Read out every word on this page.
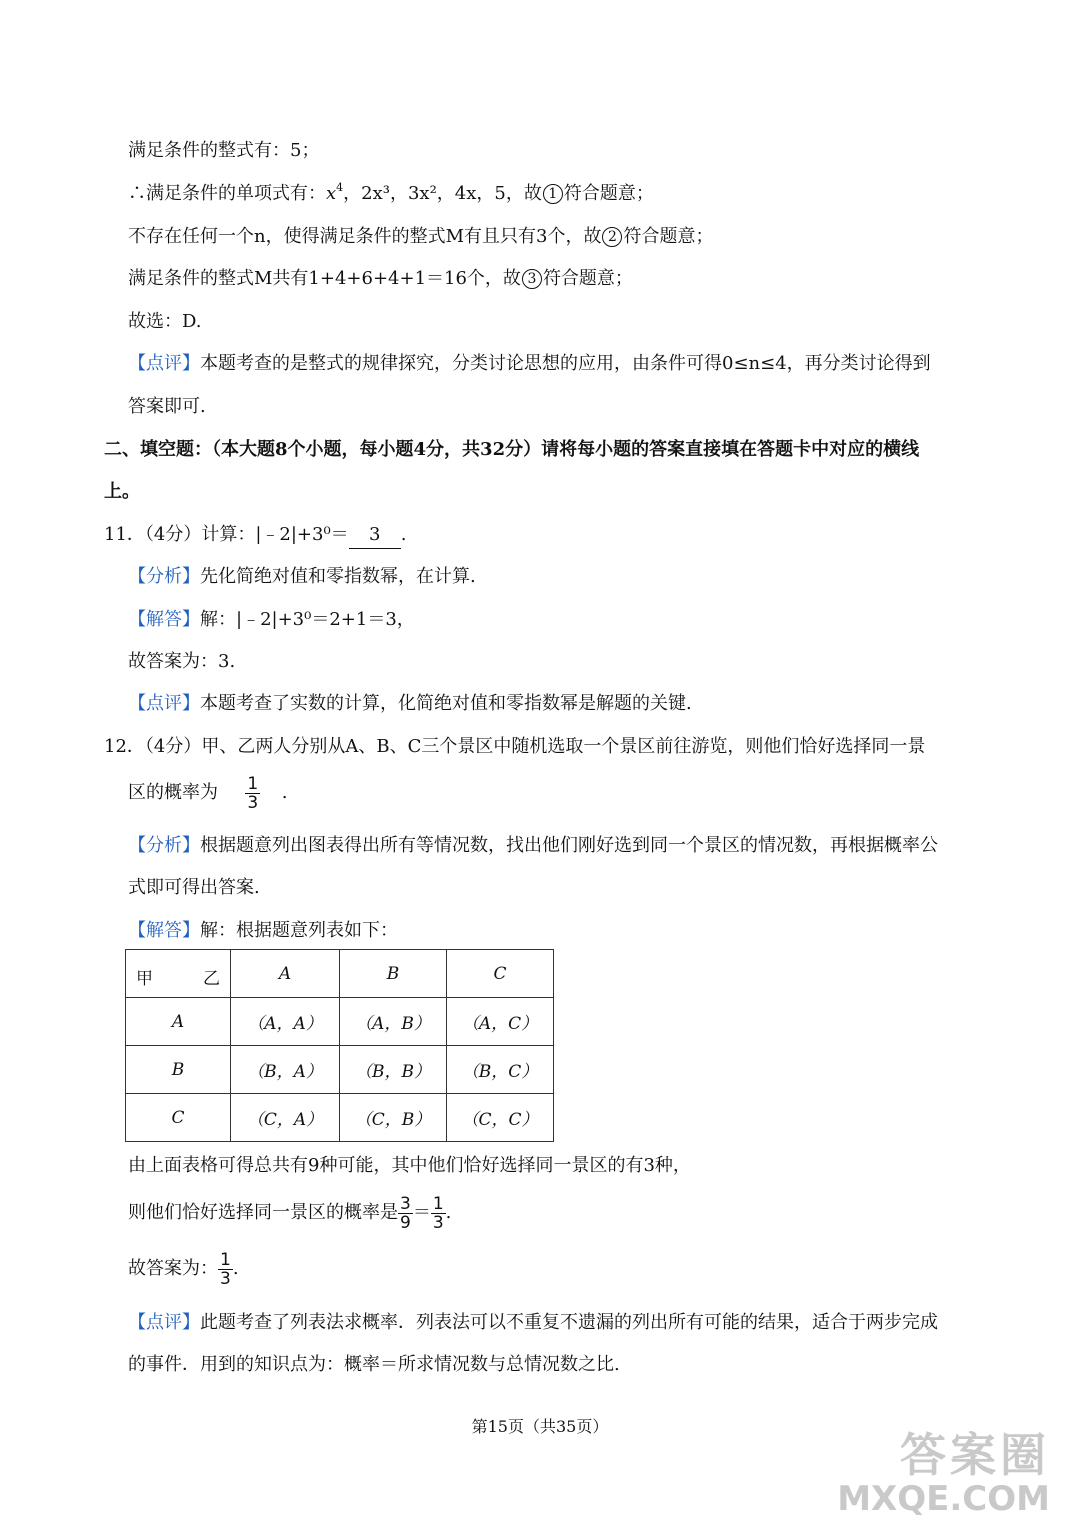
满足条件的整式有：5；
∴满足条件的单项式有：$x^4$，2x³，3x²，4x，5，故 1 符合题意；
不存在任何一个n，使得满足条件的整式M有且只有3个，故 2 符合题意；
满足条件的整式M共有1+4+6+4+1＝16个，故 3 符合题意；
故选：D.
【点评】本题考查的是整式的规律探究，分类讨论思想的应用，由条件可得0≤n≤4，再分类讨论得到
答案即可.
二、填空题：（本大题8个小题，每小题4分，共32分）请将每小题的答案直接填在答题卡中对应的横线
上。
11．（4分）计算：|﹣2|+3⁰＝ 3 .
【分析】先化简绝对值和零指数幂，在计算.
【解答】解：|﹣2|+3⁰＝2+1＝3，
故答案为：3.
【点评】本题考查了实数的计算，化简绝对值和零指数幂是解题的关键.
12．（4分）甲、乙两人分别从A、B、C三个景区中随机选取一个景区前往游览，则他们恰好选择同一景
区的概率为 $\frac{1}{3}$ .
【分析】根据题意列出图表得出所有等情况数，找出他们刚好选到同一个景区的情况数，再根据概率公
式即可得出答案.
【解答】解：根据题意列表如下：
甲 乙	A	B	C
A	（A，A）	（A，B）	（A，C）
B	（B，A）	（B，B）	（B，C）
C	（C，A）	（C，B）	（C，C）
由上面表格可得总共有9种可能，其中他们恰好选择同一景区的有3种，
则他们恰好选择同一景区的概率是 $\frac{3}{9} = \frac{1}{3}$ .
故答案为： $\frac{1}{3}$ .
【点评】此题考查了列表法求概率．列表法可以不重复不遗漏的列出所有可能的结果，适合于两步完成
的事件．用到的知识点为：概率＝所求情况数与总情况数之比.
第15页（共35页）
答案圈
MXQE.COM
